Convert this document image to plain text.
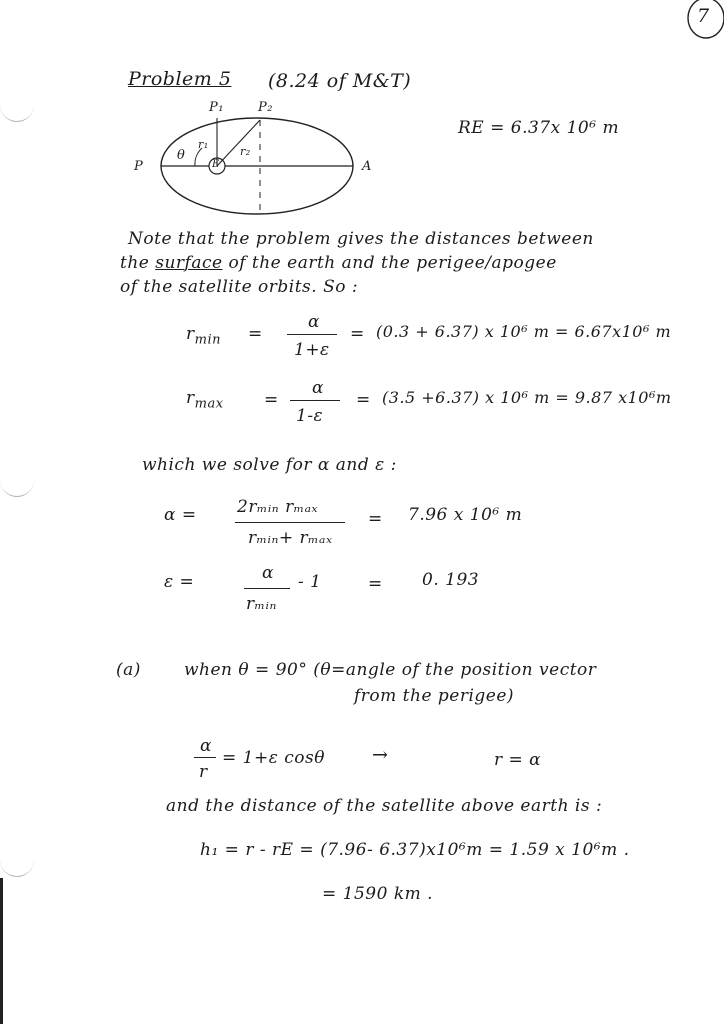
7
Problem 5 (8.24 of M&T)
RΕ = 6.37x 10⁶ m
P₁	P₂
P	A
E
θ
r₁
r₂
Note that the problem gives the distances between
the surface of the earth and the perigee/apogee
of the satellite orbits. So :
$r_{min}$ =
α
1+ε
= (0.3 + 6.37) x 10⁶ m = 6.67x10⁶ m
$r_{max}$ =
α
1-ε
= (3.5 +6.37) x 10⁶ m = 9.87 x10⁶m
which we solve for α and ε :
α = 2rₘᵢₙ rₘₐₓ
rₘᵢₙ+ rₘₐₓ
= 7.96 x 10⁶ m
ε =	α
rₘᵢₙ
- 1	= 0. 193
(a)	when θ = 90° (θ=angle of the position vector
from the perigee)
α
r
= 1+ε cosθ →	r = α
and the distance of the satellite above earth is :
h₁ = r - rΕ = (7.96- 6.37)x10⁶m = 1.59 x 10⁶m .
= 1590 km .
